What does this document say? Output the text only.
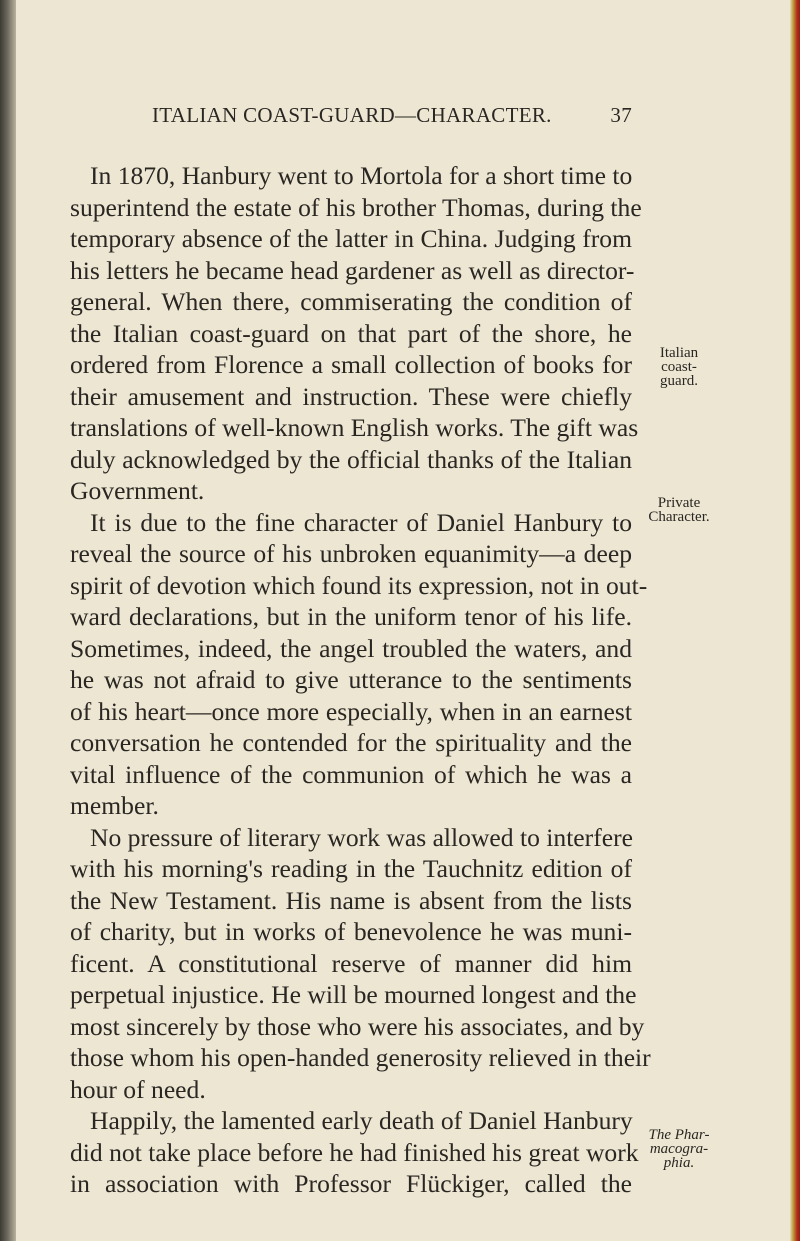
ITALIAN COAST-GUARD—CHARACTER.	37
In 1870, Hanbury went to Mortola for a short time to
superintend the estate of his brother Thomas, during the
temporary absence of the latter in China. Judging from
his letters he became head gardener as well as director-
general. When there, commiserating the condition of
the Italian coast-guard on that part of the shore, he
ordered from Florence a small collection of books for
their amusement and instruction. These were chiefly
translations of well-known English works. The gift was
duly acknowledged by the official thanks of the Italian
Government.
It is due to the fine character of Daniel Hanbury to
reveal the source of his unbroken equanimity—a deep
spirit of devotion which found its expression, not in out-
ward declarations, but in the uniform tenor of his life.
Sometimes, indeed, the angel troubled the waters, and
he was not afraid to give utterance to the sentiments
of his heart—once more especially, when in an earnest
conversation he contended for the spirituality and the
vital influence of the communion of which he was a
member.
No pressure of literary work was allowed to interfere
with his morning's reading in the Tauchnitz edition of
the New Testament. His name is absent from the lists
of charity, but in works of benevolence he was muni-
ficent. A constitutional reserve of manner did him
perpetual injustice. He will be mourned longest and the
most sincerely by those who were his associates, and by
those whom his open-handed generosity relieved in their
hour of need.
Happily, the lamented early death of Daniel Hanbury
did not take place before he had finished his great work
in association with Professor Flückiger, called the
Italian
coast-
guard.
Private
Character.
The Phar-
macogra-
phia.
